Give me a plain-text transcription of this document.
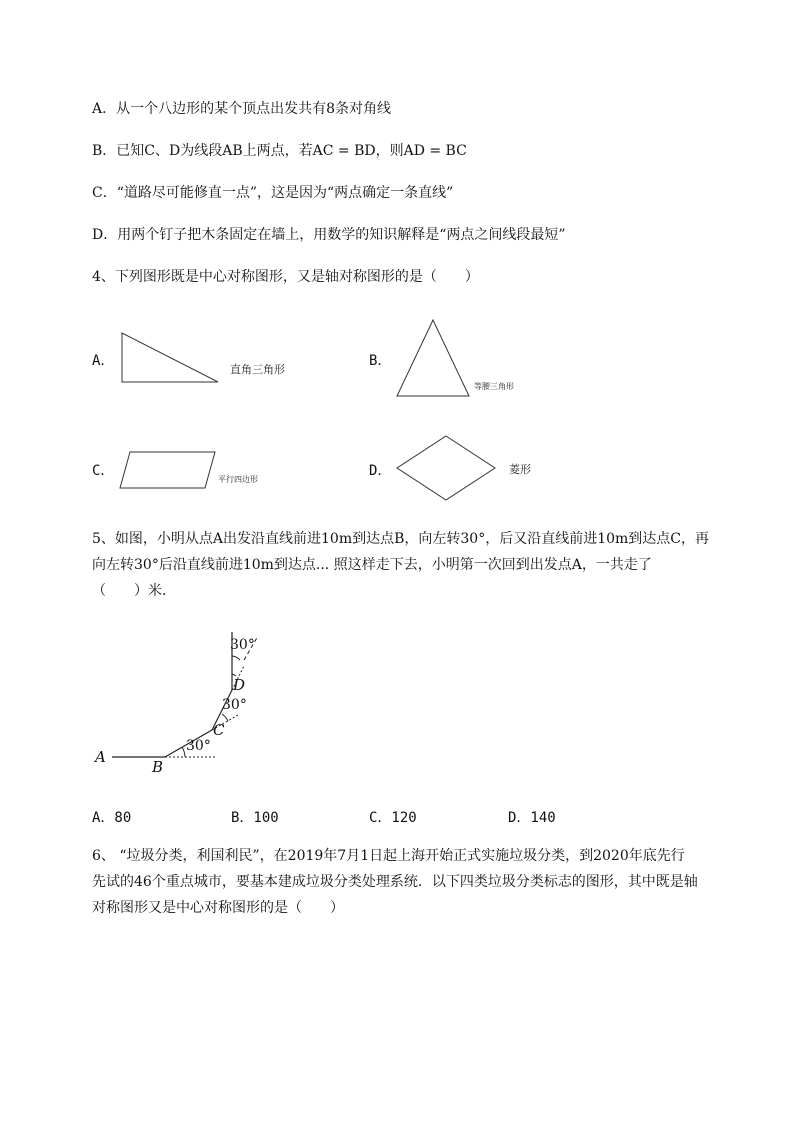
A．从一个八边形的某个顶点出发共有8条对角线
B．已知C、D为线段AB上两点，若AC = BD，则AD = BC
C．“道路尽可能修直一点”，这是因为“两点确定一条直线”
D．用两个钉子把木条固定在墙上，用数学的知识解释是“两点之间线段最短”
4、下列图形既是中心对称图形，又是轴对称图形的是（　　）
A．
直角三角形
B．
等腰三角形
C．
平行四边形
D．	菱形
5、如图，小明从点A出发沿直线前进10m到达点B，向左转30°，后又沿直线前进10m到达点C，再
向左转30°后沿直线前进10m到达点... 照这样走下去，小明第一次回到出发点A，一共走了
（　　）米．
30°
30°
30°
A
B
C
D
A．80	B．100	C．120	D．140
6、 “垃圾分类，利国利民”，在2019年7月1日起上海开始正式实施垃圾分类，到2020年底先行
先试的46个重点城市，要基本建成垃圾分类处理系统．以下四类垃圾分类标志的图形，其中既是轴
对称图形又是中心对称图形的是（　　）
